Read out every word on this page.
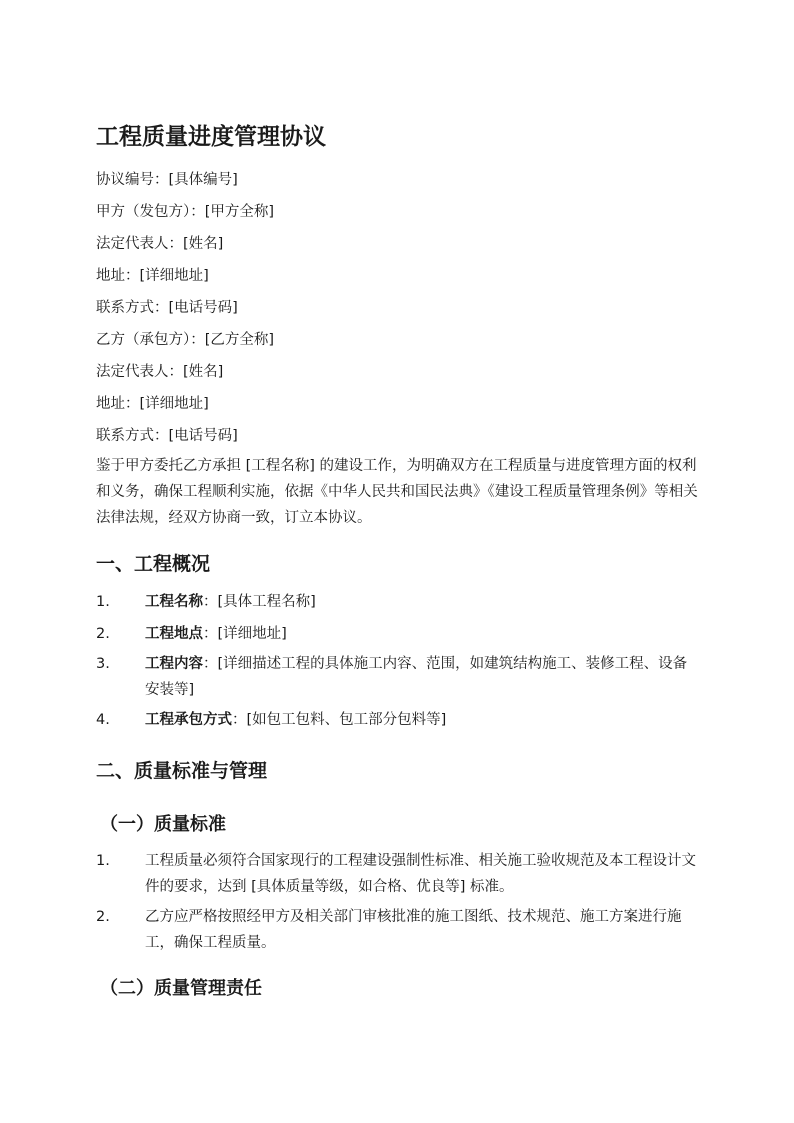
工程质量进度管理协议
协议编号：[具体编号]
甲方（发包方）：[甲方全称]
法定代表人：[姓名]
地址：[详细地址]
联系方式：[电话号码]
乙方（承包方）：[乙方全称]
法定代表人：[姓名]
地址：[详细地址]
联系方式：[电话号码]
鉴于甲方委托乙方承担 [工程名称] 的建设工作，为明确双方在工程质量与进度管理方面的权利和义务，确保工程顺利实施，依据《中华人民共和国民法典》《建设工程质量管理条例》等相关法律法规，经双方协商一致，订立本协议。
一、工程概况
1. 工程名称：[具体工程名称]
2. 工程地点：[详细地址]
3. 工程内容：[详细描述工程的具体施工内容、范围，如建筑结构施工、装修工程、设备安装等]
4. 工程承包方式：[如包工包料、包工部分包料等]
二、质量标准与管理
（一）质量标准
1. 工程质量必须符合国家现行的工程建设强制性标准、相关施工验收规范及本工程设计文件的要求，达到 [具体质量等级，如合格、优良等] 标准。
2. 乙方应严格按照经甲方及相关部门审核批准的施工图纸、技术规范、施工方案进行施工，确保工程质量。
（二）质量管理责任
